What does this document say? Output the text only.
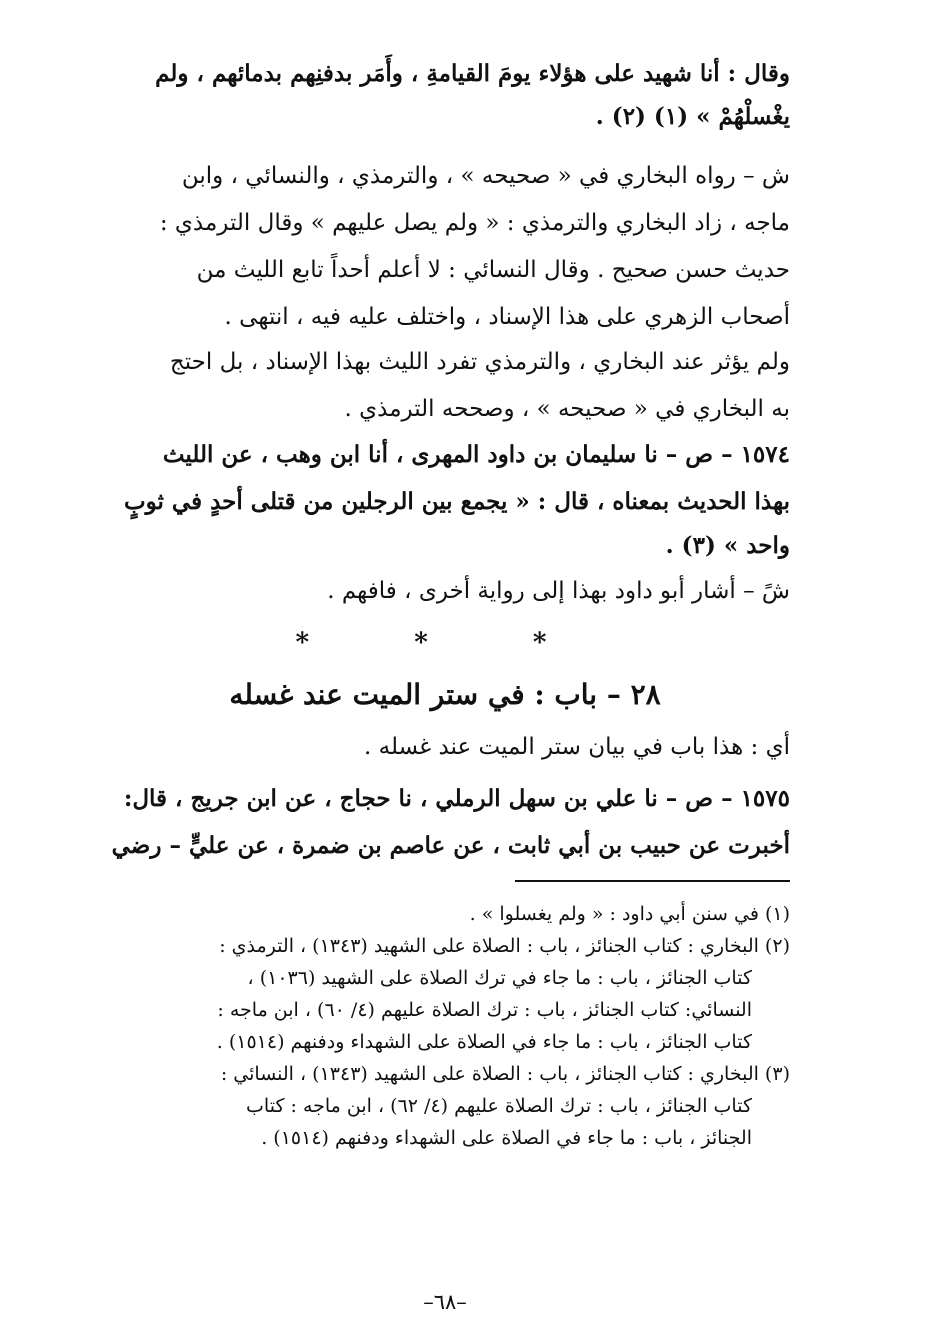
وقال : أنا شهيد على هؤلاء يومَ القيامةِ ، وأَمَر بدفنِهم بدمائهم ، ولم

يغْسلْهُمْ » (١) (٢) .

ش – رواه البخاري في « صحيحه » ، والترمذي ، والنسائي ، وابن

ماجه ، زاد البخاري والترمذي : « ولم يصل عليهم » وقال الترمذي :

حديث حسن صحيح . وقال النسائي : لا أعلم أحداً تابع الليث من

أصحاب الزهري على هذا الإسناد ، واختلف عليه فيه ، انتهى .

ولم يؤثر عند البخاري ، والترمذي تفرد الليث بهذا الإسناد ، بل احتج

به البخاري في « صحيحه » ، وصححه الترمذي .

١٥٧٤ – ص – نا سليمان بن داود المهرى ، أنا ابن وهب ، عن الليث

بهذا الحديث بمعناه ، قال : « يجمع بين الرجلين من قتلى أحدٍ في ثوبٍ

واحد » (٣) .

شً – أشار أبو داود بهذا إلى رواية أخرى ، فافهم .

* * *
٢٨ – باب : في ستر الميت عند غسله

أي : هذا باب في بيان ستر الميت عند غسله .

١٥٧٥ – ص – نا علي بن سهل الرملي ، نا حجاج ، عن ابن جريج ، قال:

أخبرت عن حبيب بن أبي ثابت ، عن عاصم بن ضمرة ، عن عليٍّ – رضي

(١) في سنن أبي داود : « ولم يغسلوا » .

(٢) البخاري : كتاب الجنائز ، باب : الصلاة على الشهيد (١٣٤٣) ، الترمذي :

كتاب الجنائز ، باب : ما جاء في ترك الصلاة على الشهيد (١٠٣٦) ،

النسائي: كتاب الجنائز ، باب : ترك الصلاة عليهم (٤/ ٦٠) ، ابن ماجه :

كتاب الجنائز ، باب : ما جاء في الصلاة على الشهداء ودفنهم (١٥١٤) .

(٣) البخاري : كتاب الجنائز ، باب : الصلاة على الشهيد (١٣٤٣) ، النسائي :

كتاب الجنائز ، باب : ترك الصلاة عليهم (٤/ ٦٢) ، ابن ماجه : كتاب

الجنائز ، باب : ما جاء في الصلاة على الشهداء ودفنهم (١٥١٤) .

–٦٨–
